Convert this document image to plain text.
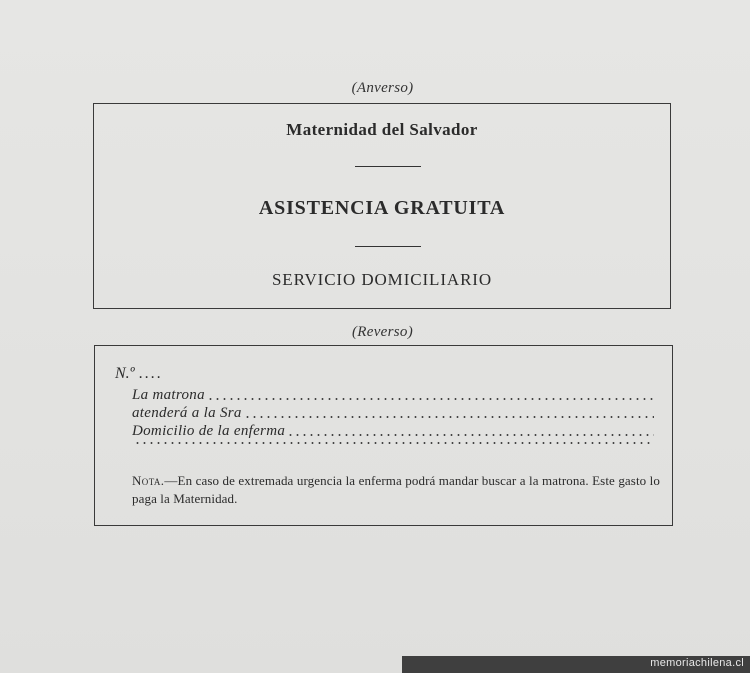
(Anverso)
Maternidad del Salvador
ASISTENCIA GRATUITA
SERVICIO DOMICILIARIO
(Reverso)
N.º ....
La matrona
atenderá a la Sra
Domicilio de la enferma
Nota.—En caso de extremada urgencia la enferma podrá mandar buscar a la matrona. Este gasto lo paga la Maternidad.
memoriachilena.cl
